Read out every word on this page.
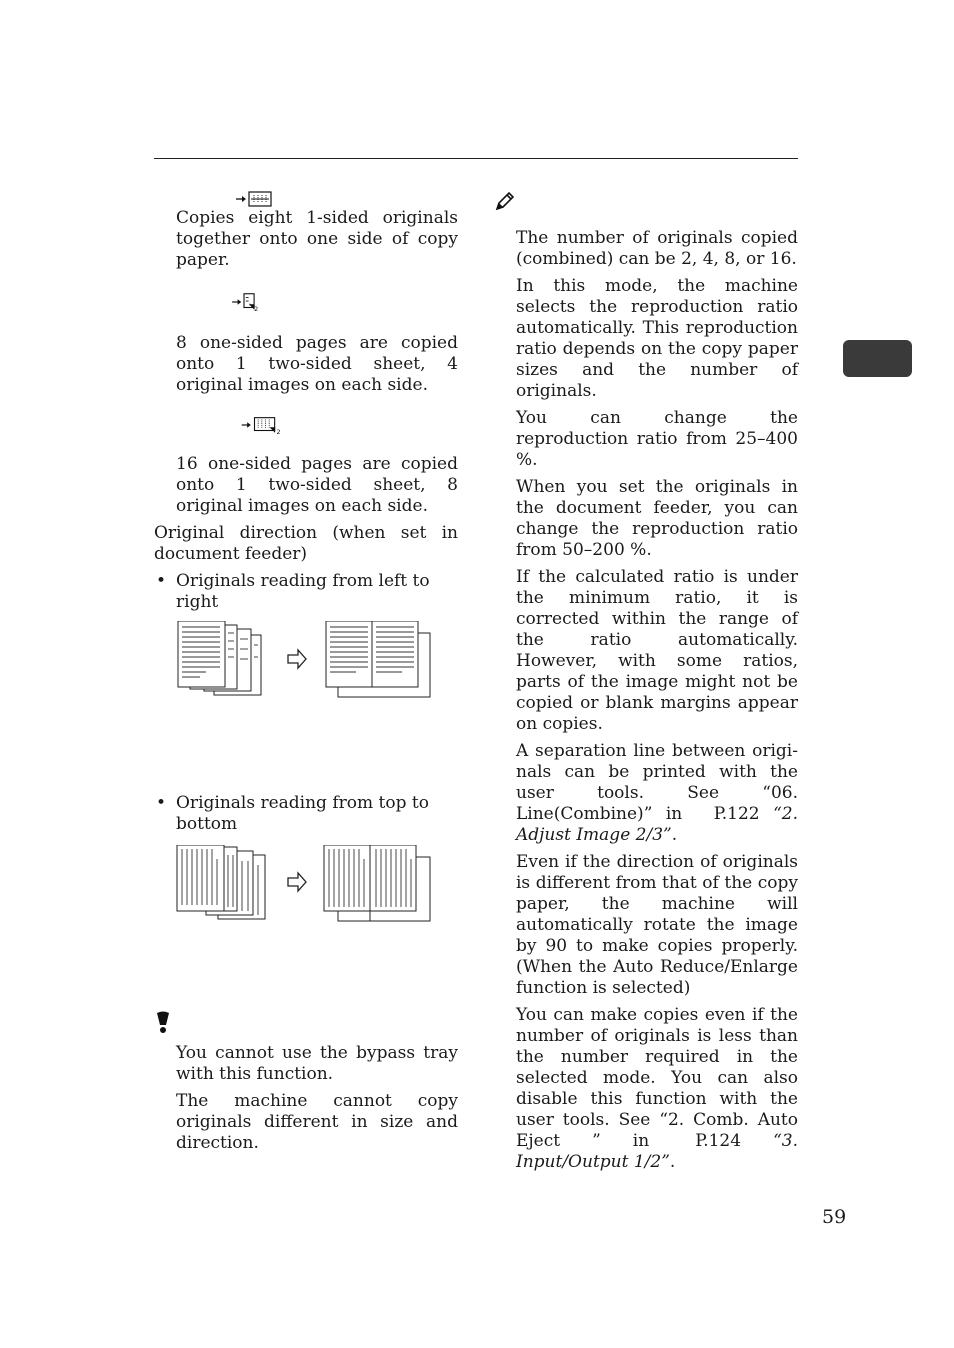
Copies eight 1-sided originals together onto one side of copy paper.

2

8 one-sided pages are copied onto 1 two-sided sheet, 4 original images on each side.

2

16 one-sided pages are copied onto 1 two-sided sheet, 8 original images on each side.

Original direction (when set in document feeder)

• Originals reading from left to right

• Originals reading from top to bottom

You cannot use the bypass tray with this function.

The machine cannot copy originals different in size and direction.

The number of originals copied (combined) can be 2, 4, 8, or 16.

In this mode, the machine selects the reproduction ratio automatically. This reproduction ratio depends on the copy paper sizes and the number of originals.

You can change the reproduction ratio from 25–400 %.

When you set the originals in the document feeder, you can change the reproduction ratio from 50–200 %.

If the calculated ratio is under the minimum ratio, it is corrected within the range of the ratio automatically. However, with some ratios, parts of the image might not be copied or blank margins appear on copies.

A separation line between originals can be printed with the user tools. See “06. Line(Combine)” in P.122 “2. Adjust Image 2/3”.

Even if the direction of originals is different from that of the copy paper, the machine will automatically rotate the image by 90 to make copies properly. (When the Auto Reduce/Enlarge function is selected)

You can make copies even if the number of originals is less than the number required in the selected mode. You can also disable this function with the user tools. See “2. Comb. Auto Eject ” in	P.124 “3. Input/Output 1/2”.

59
